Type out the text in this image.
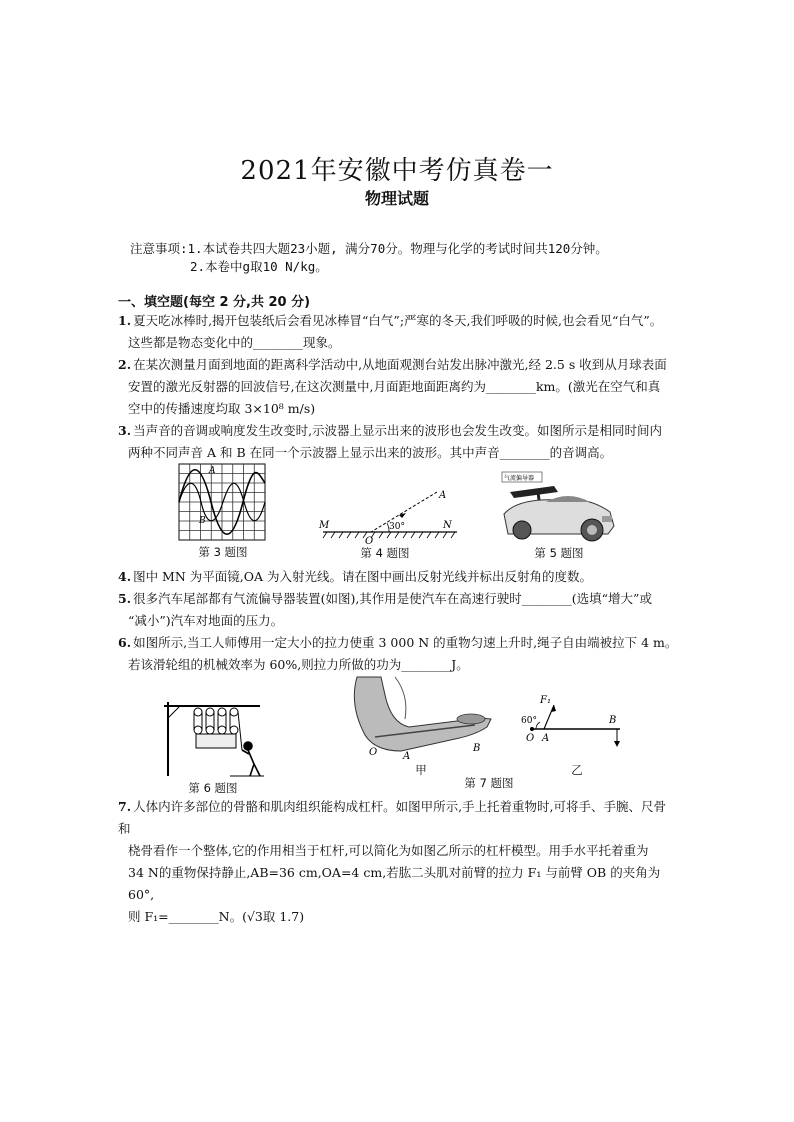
2021年安徽中考仿真卷一
物理试题
注意事项:1.本试卷共四大题23小题, 满分70分。物理与化学的考试时间共120分钟。
2.本卷中g取10 N/kg。
一、填空题(每空 2 分,共 20 分)

1. 夏天吃冰棒时,揭开包装纸后会看见冰棒冒“白气”;严寒的冬天,我们呼吸的时候,也会看见“白气”。

这些都是物态变化中的________现象。

2. 在某次测量月面到地面的距离科学活动中,从地面观测台站发出脉冲激光,经 2.5 s 收到从月球表面

安置的激光反射器的回波信号,在这次测量中,月面距地面距离约为________km。(激光在空气和真

空中的传播速度均取 3×10⁸ m/s)

3. 当声音的音调或响度发生改变时,示波器上显示出来的波形也会发生改变。如图所示是相同时间内

两种不同声音 A 和 B 在同一个示波器上显示出来的波形。其中声音________的音调高。

A
B
第 3 题图
30°
A
M	N
O
第 4 题图
气流偏导器
第 5 题图

4. 图中 MN 为平面镜,OA 为入射光线。请在图中画出反射光线并标出反射角的度数。

5. 很多汽车尾部都有气流偏导器装置(如图),其作用是使汽车在高速行驶时________(选填“增大”或

“减小”)汽车对地面的压力。

6. 如图所示,当工人师傅用一定大小的拉力使重 3 000 N 的重物匀速上升时,绳子自由端被拉下 4 m。

若该滑轮组的机械效率为 60%,则拉力所做的功为________J。

第 6 题图
O	A
B
甲
第 7 题图
F₁
60°
O A
B
乙

7. 人体内许多部位的骨骼和肌肉组织能构成杠杆。如图甲所示,手上托着重物时,可将手、手腕、尺骨和

桡骨看作一个整体,它的作用相当于杠杆,可以简化为如图乙所示的杠杆模型。用手水平托着重为

34 N的重物保持静止,AB=36 cm,OA=4 cm,若肱二头肌对前臂的拉力 F₁ 与前臂 OB 的夹角为 60°,

则 F₁=________N。(√3取 1.7)
